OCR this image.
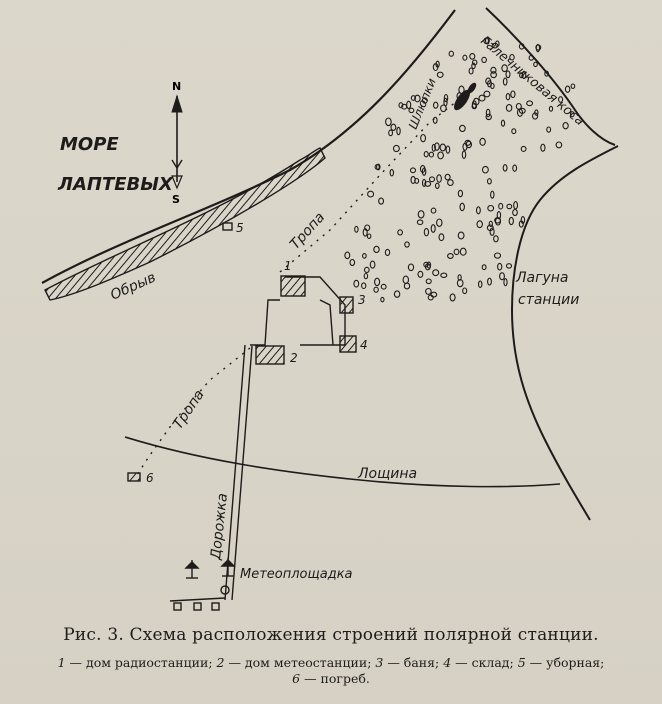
N
S
МОРЕ
ЛАПТЕВЫХ
Обрыв
Тропа
Тропа
Галечниковая коса
Шлюпки
Лагуна
станции
Лощина
Дорожка
Метеоплощадка
1
2
3
4
5
6
Рис. 3. Схема расположения строений полярной станции.
1 — дом радиостанции; 2 — дом метеостанции; 3 — баня; 4 — склад; 5 — уборная;
6 — погреб.
